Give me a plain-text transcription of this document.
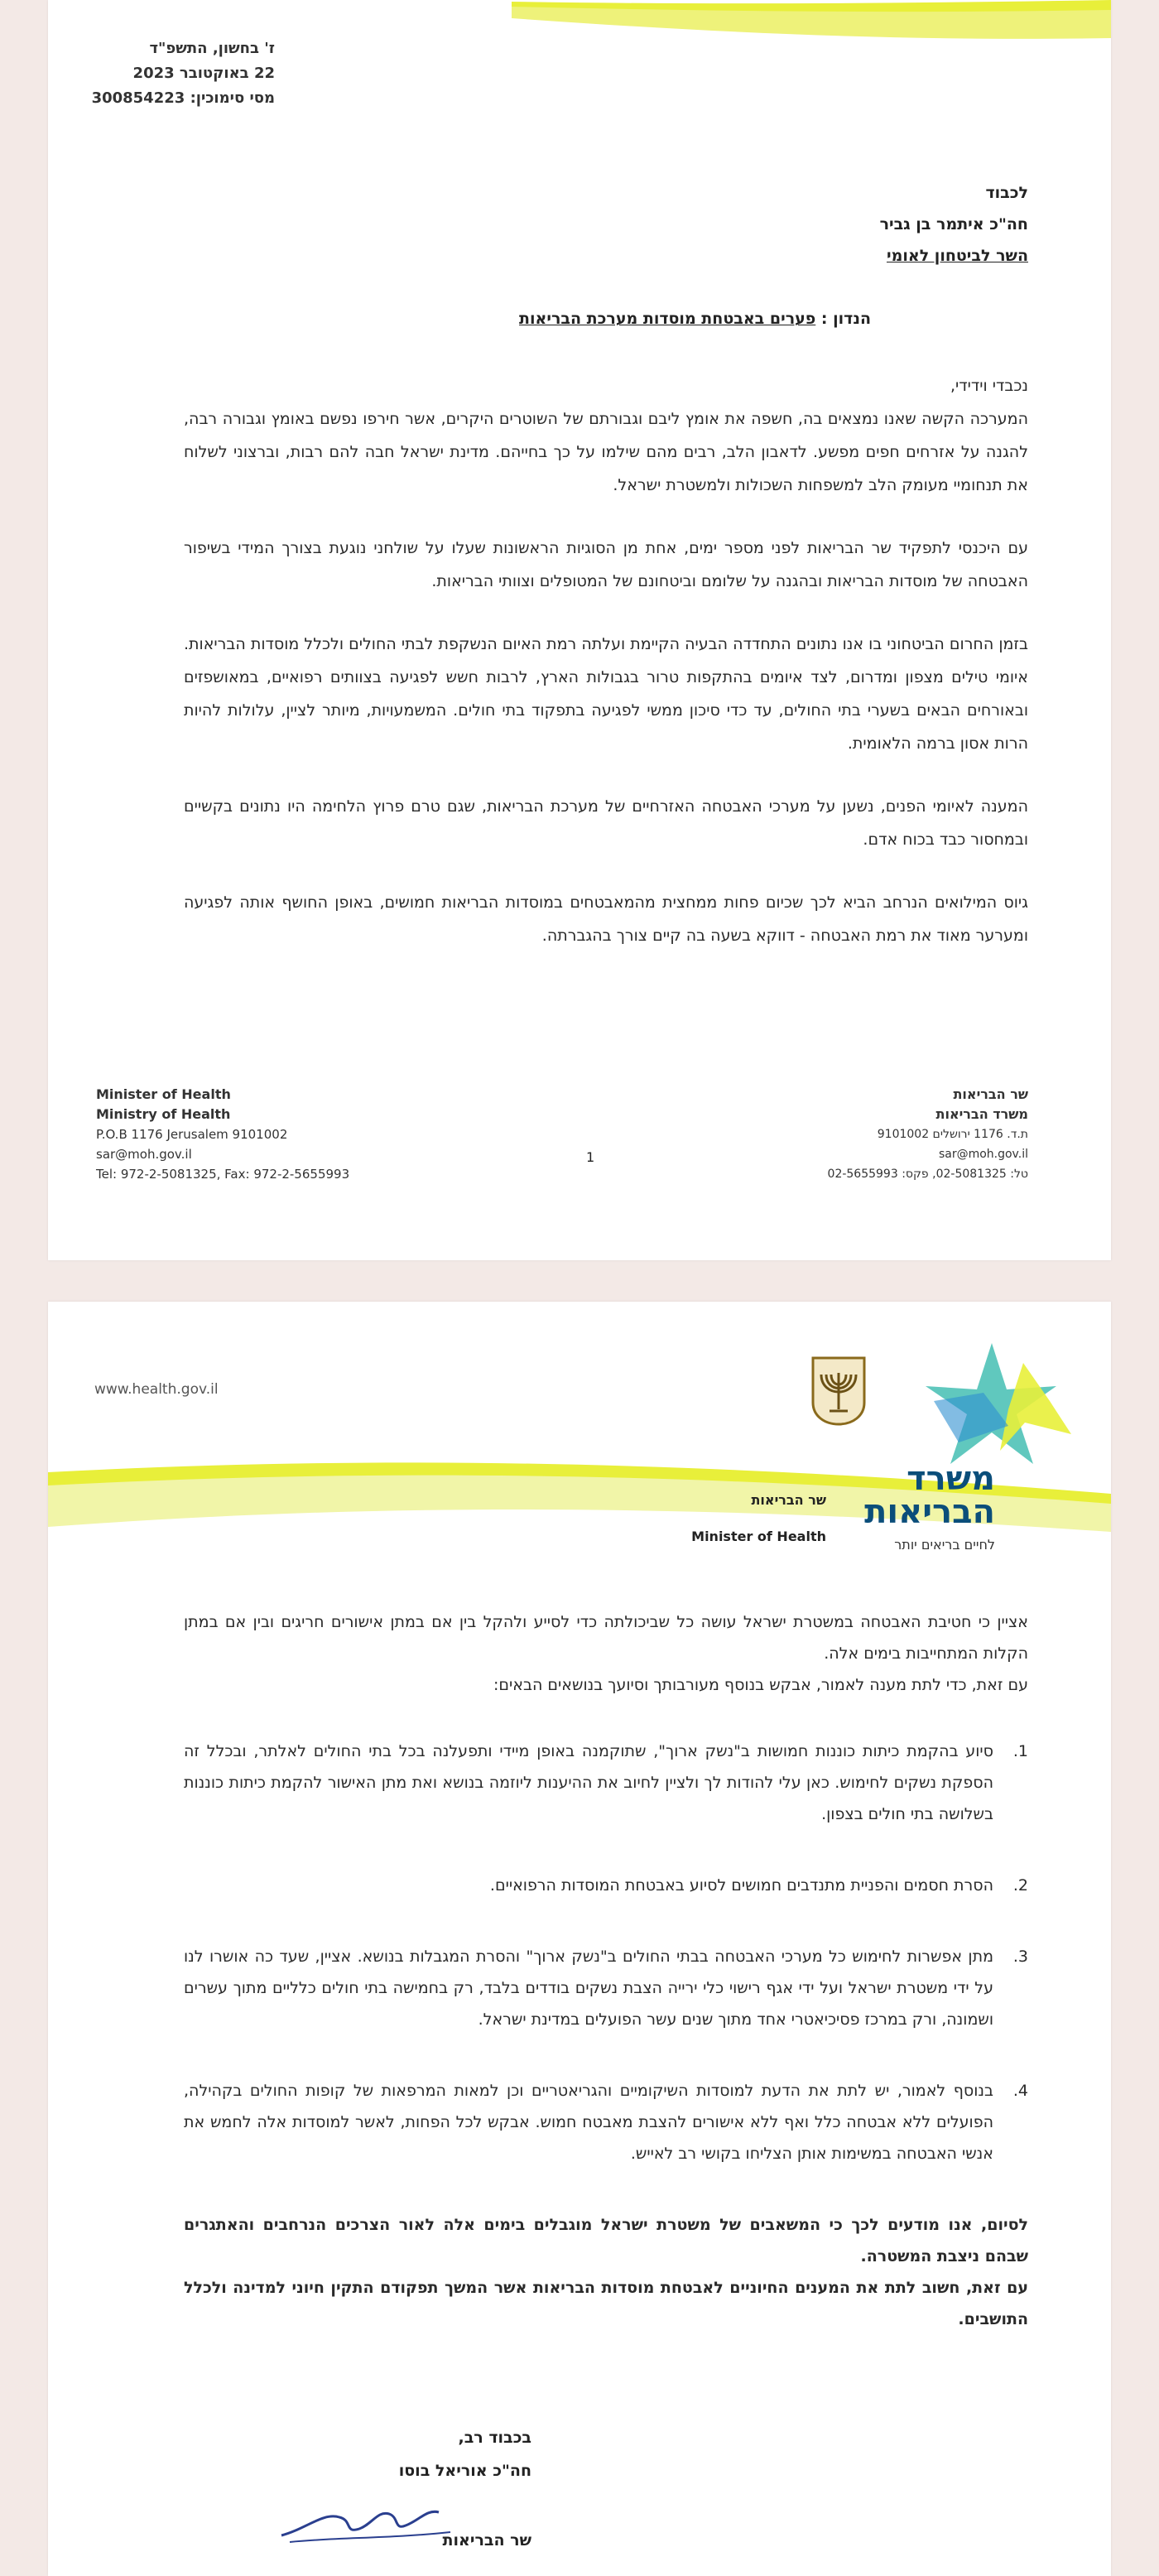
ז' בחשון, התשפ"ד
22 באוקטובר 2023
מסי סימוכין: 300854223
לכבוד
חה"כ איתמר בן גביר
השר לביטחון לאומי
הנדון : פערים באבטחת מוסדות מערכת הבריאות

נכבדי וידידי,

המערכה הקשה שאנו נמצאים בה, חשפה את אומץ ליבם וגבורתם של השוטרים היקרים, אשר חירפו נפשם באומץ וגבורה רבה, להגנה על אזרחים חפים מפשע. לדאבון הלב, רבים מהם שילמו על כך בחייהם. מדינת ישראל חבה להם רבות, וברצוני לשלוח את תנחומיי מעומק הלב למשפחות השכולות ולמשטרת ישראל.

עם היכנסי לתפקיד שר הבריאות לפני מספר ימים, אחת מן הסוגיות הראשונות שעלו על שולחני נוגעת בצורך המידי בשיפור האבטחה של מוסדות הבריאות ובהגנה על שלומם וביטחונם של המטופלים וצוותי הבריאות.

בזמן החרום הביטחוני בו אנו נתונים התחדדה הבעיה הקיימת ועלתה רמת האיום הנשקפת לבתי החולים ולכלל מוסדות הבריאות. איומי טילים מצפון ומדרום, לצד איומים בהתקפות טרור בגבולות הארץ, לרבות חשש לפגיעה בצוותים רפואיים, במאושפזים ובאורחים הבאים בשערי בתי החולים, עד כדי סיכון ממשי לפגיעה בתפקוד בתי חולים. המשמעויות, מיותר לציין, עלולות להיות הרות אסון ברמה הלאומית.

המענה לאיומי הפנים, נשען על מערכי האבטחה האזרחיים של מערכת הבריאות, שגם טרם פרוץ הלחימה היו נתונים בקשיים ובמחסור כבד בכוח אדם.

גיוס המילואים הנרחב הביא לכך שכיום פחות ממחצית מהמאבטחים במוסדות הבריאות חמושים, באופן החושף אותה לפגיעה ומערער מאוד את רמת האבטחה - דווקא בשעה בה קיים צורך בהגברתה.

Minister of Health
Ministry of Health
P.O.B 1176 Jerusalem 9101002
sar@moh.gov.il
Tel: 972-2-5081325, Fax: 972-2-5655993
1
שר הבריאות
משרד הבריאות
ת.ד. 1176 ירושלים 9101002
sar@moh.gov.il
טל: 02-5081325, פקס: 02-5655993
www.health.gov.il
משרד
הבריאות
לחיים בריאים יותר
שר הבריאות
Minister of Health

אציין כי חטיבת האבטחה במשטרת ישראל עושה כל שביכולתה כדי לסייע ולהקל בין אם במתן אישורים חריגים ובין אם במתן הקלות המתחייבות בימים אלה.

עם זאת, כדי לתת מענה לאמור, אבקש בנוסף מעורבותך וסיועך בנושאים הבאים:

1.
סיוע בהקמת כיתות כוננות חמושות ב"נשק ארוך", שתוקמנה באופן מיידי ותפעלנה בכל בתי החולים לאלתר, ובכלל זה הספקת נשקים לחימוש. כאן עלי להודות לך ולציין לחיוב את ההיענות ליוזמה בנושא ואת מתן האישור להקמת כיתות כוננות בשלושה בתי חולים בצפון.
2.
הסרת חסמים והפניית מתנדבים חמושים לסיוע באבטחת המוסדות הרפואיים.
3.
מתן אפשרות לחימוש כל מערכי האבטחה בבתי החולים ב"נשק ארוך" והסרת המגבלות בנושא. אציין, שעד כה אושרו לנו על ידי משטרת ישראל ועל ידי אגף רישוי כלי ירייה הצבת נשקים בודדים בלבד, רק בחמישה בתי חולים כלליים מתוך עשרים ושמונה, ורק במרכז פסיכיאטרי אחד מתוך שנים עשר הפועלים במדינת ישראל.
4.
בנוסף לאמור, יש לתת את הדעת למוסדות השיקומיים והגריאטריים וכן למאות המרפאות של קופות החולים בקהילה, הפועלים ללא אבטחה כלל ואף ללא אישורים להצבת מאבטח חמוש. אבקש לכל הפחות, לאשר למוסדות אלה לחמש את אנשי האבטחה במשימות אותן הצליחו בקושי רב לאייש.

לסיום, אנו מודעים לכך כי המשאבים של משטרת ישראל מוגבלים בימים אלה לאור הצרכים הנרחבים והאתגרים שבהם ניצבת המשטרה.

עם זאת, חשוב לתת את המענים החיוניים לאבטחת מוסדות הבריאות אשר המשך תפקודם התקין חיוני למדינה ולכלל התושבים.

בכבוד רב,
חה"כ אוריאל בוסו
שר הבריאות
